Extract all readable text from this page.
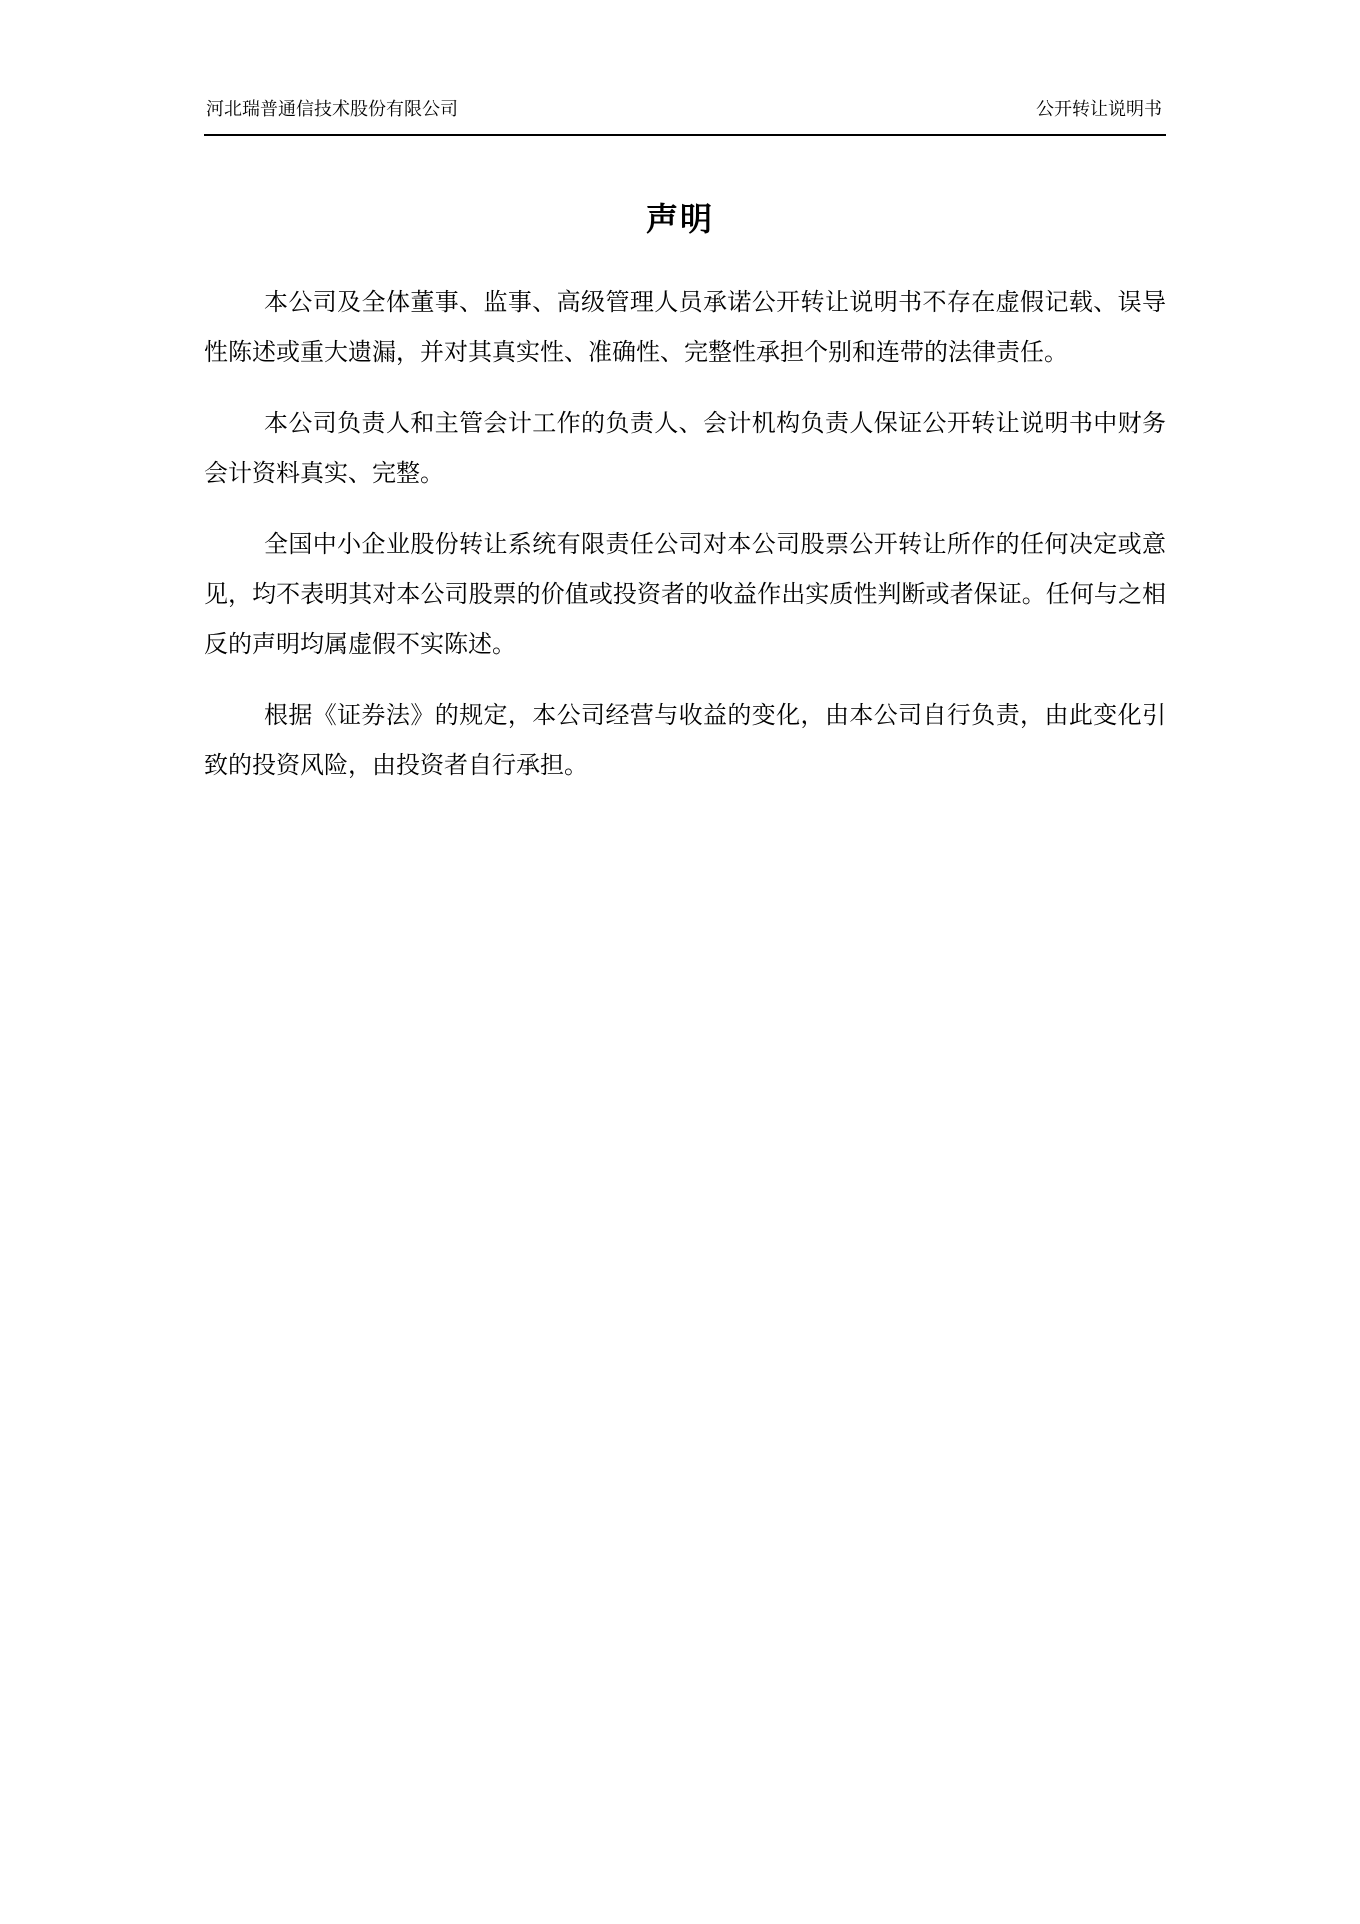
河北瑞普通信技术股份有限公司	公开转让说明书
声明

本公司及全体董事、监事、高级管理人员承诺公开转让说明书不存在虚假记载、误导性陈述或重大遗漏，并对其真实性、准确性、完整性承担个别和连带的法律责任。

本公司负责人和主管会计工作的负责人、会计机构负责人保证公开转让说明书中财务会计资料真实、完整。

全国中小企业股份转让系统有限责任公司对本公司股票公开转让所作的任何决定或意见，均不表明其对本公司股票的价值或投资者的收益作出实质性判断或者保证。任何与之相反的声明均属虚假不实陈述。

根据《证券法》的规定，本公司经营与收益的变化，由本公司自行负责，由此变化引致的投资风险，由投资者自行承担。
